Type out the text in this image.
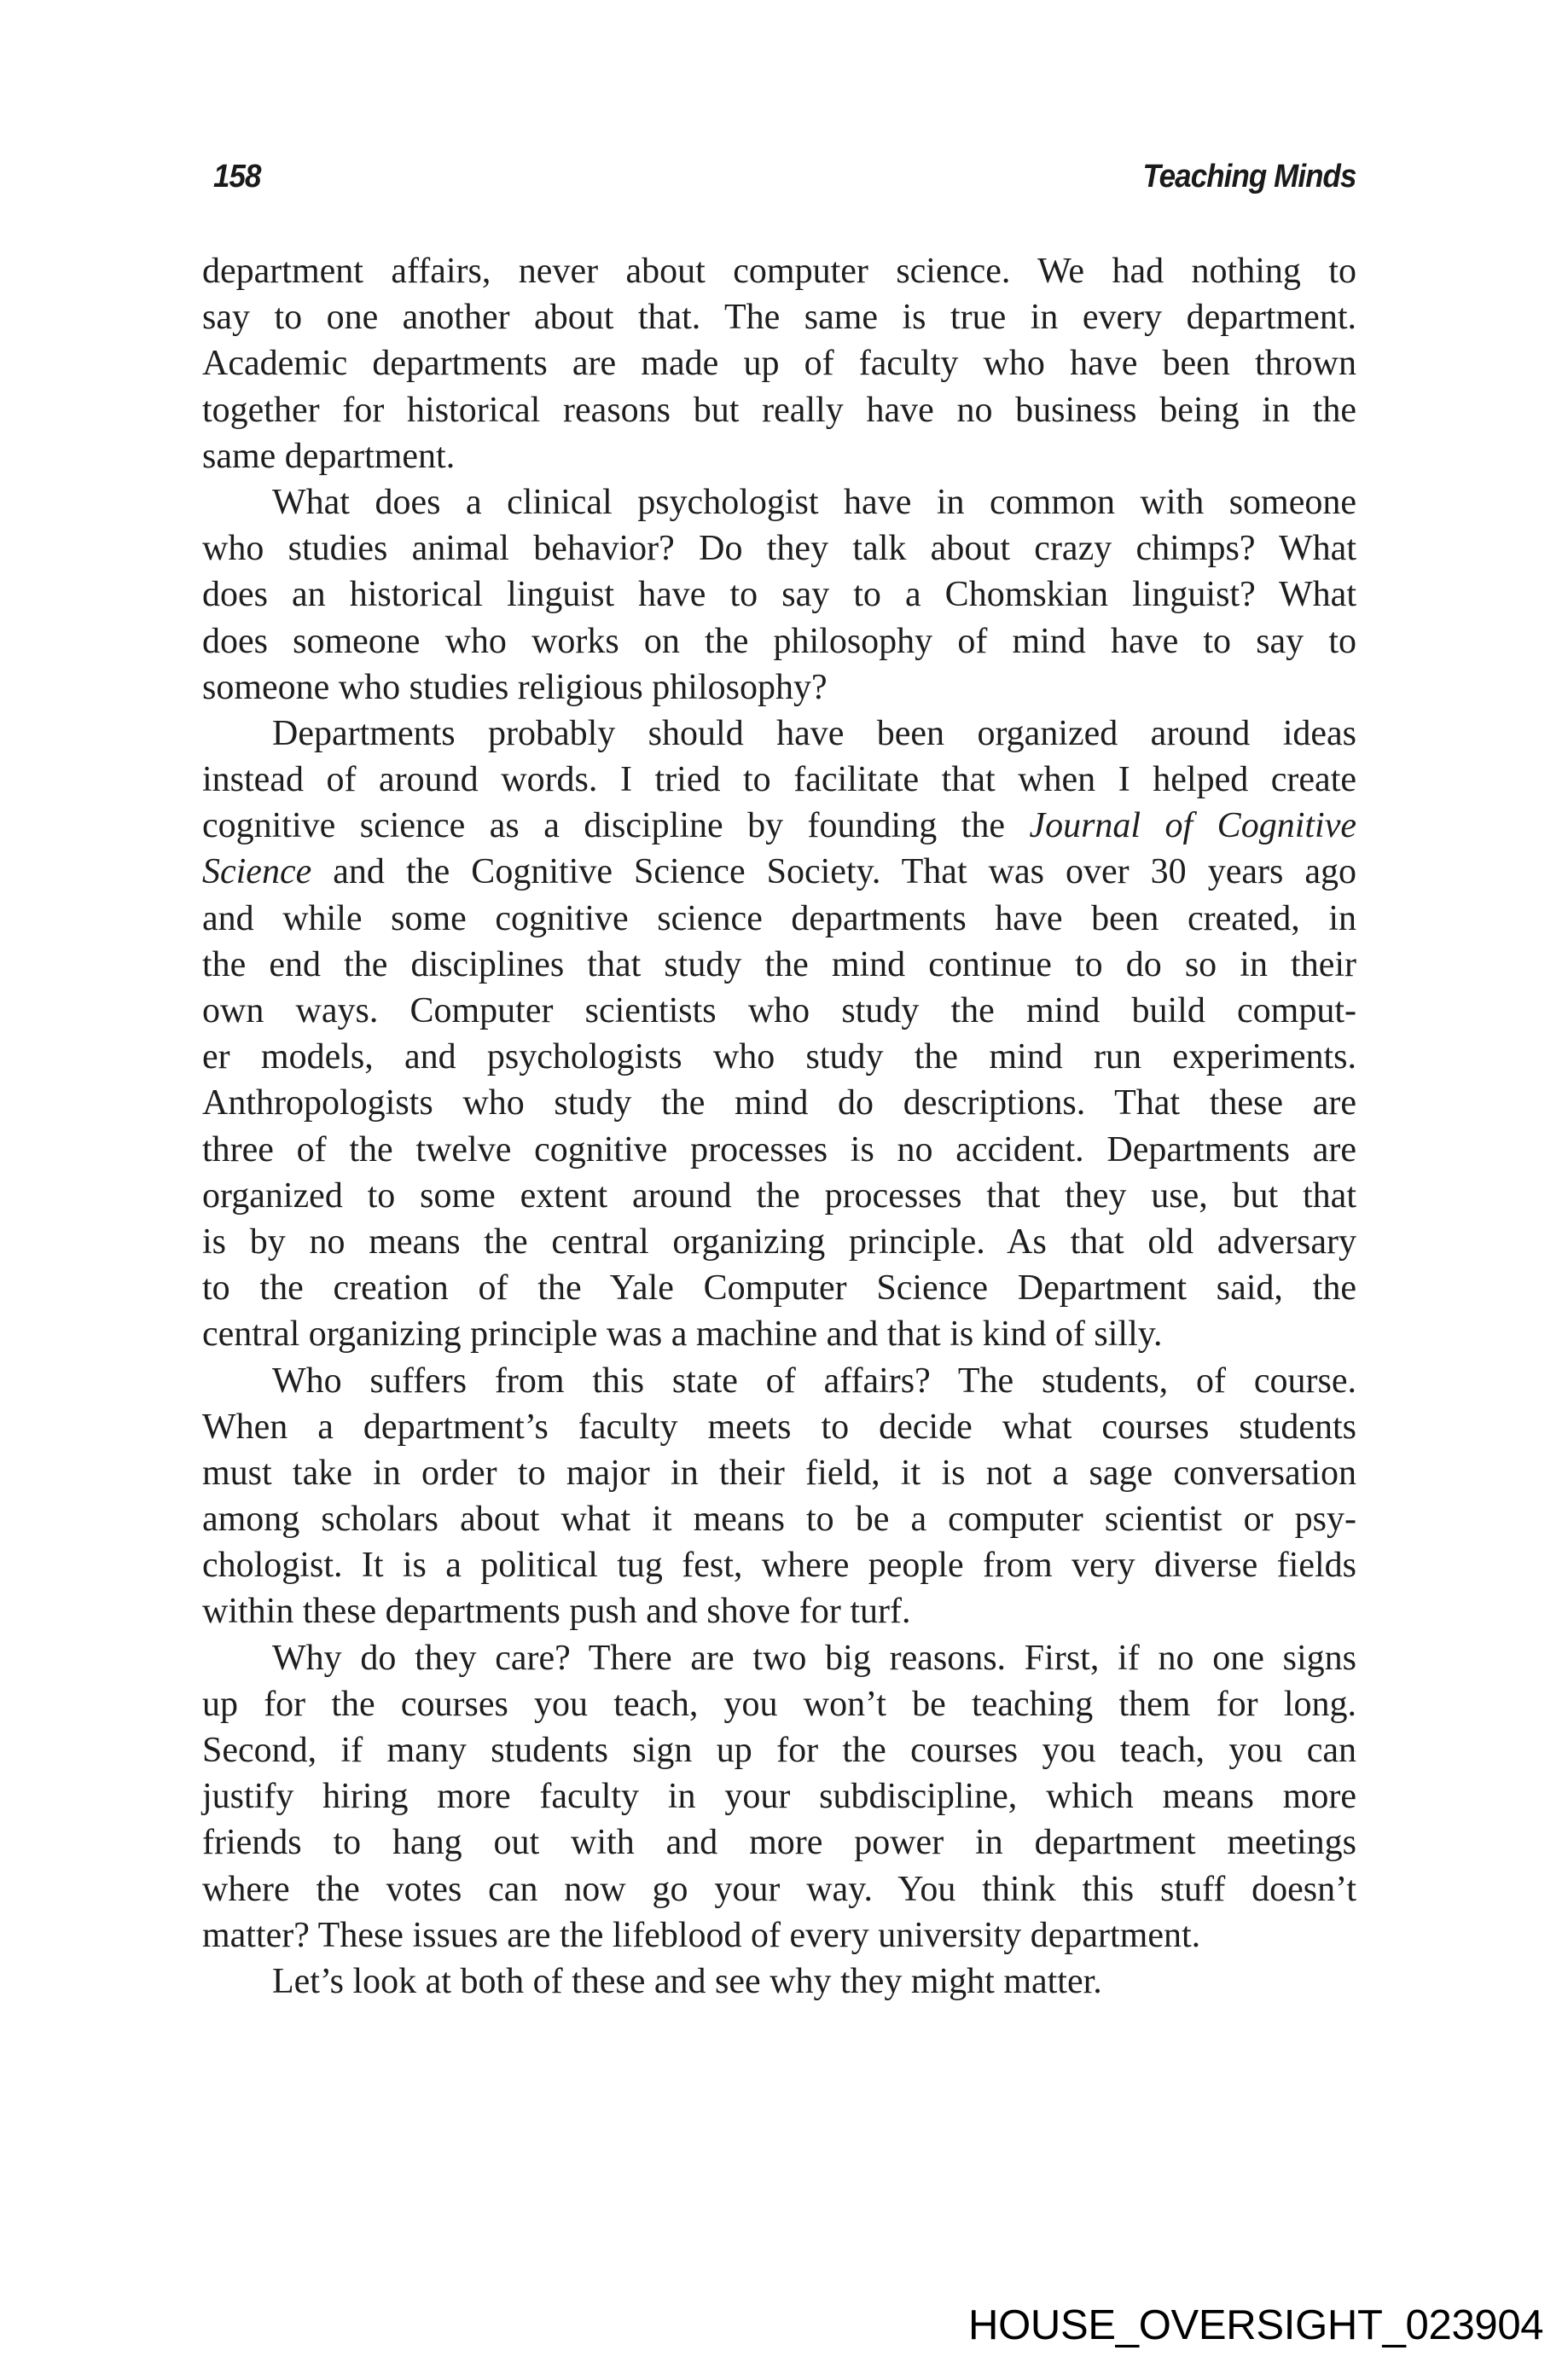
158	Teaching Minds
department affairs, never about computer science. We had nothing to
say to one another about that. The same is true in every department.
Academic departments are made up of faculty who have been thrown
together for historical reasons but really have no business being in the
same department.
What does a clinical psychologist have in common with someone
who studies animal behavior? Do they talk about crazy chimps? What
does an historical linguist have to say to a Chomskian linguist? What
does someone who works on the philosophy of mind have to say to
someone who studies religious philosophy?
Departments probably should have been organized around ideas
instead of around words. I tried to facilitate that when I helped create
cognitive science as a discipline by founding the Journal of Cognitive
Science and the Cognitive Science Society. That was over 30 years ago
and while some cognitive science departments have been created, in
the end the disciplines that study the mind continue to do so in their
own ways. Computer scientists who study the mind build comput-
er models, and psychologists who study the mind run experiments.
Anthropologists who study the mind do descriptions. That these are
three of the twelve cognitive processes is no accident. Departments are
organized to some extent around the processes that they use, but that
is by no means the central organizing principle. As that old adversary
to the creation of the Yale Computer Science Department said, the
central organizing principle was a machine and that is kind of silly.
Who suffers from this state of affairs? The students, of course.
When a department’s faculty meets to decide what courses students
must take in order to major in their field, it is not a sage conversation
among scholars about what it means to be a computer scientist or psy-
chologist. It is a political tug fest, where people from very diverse fields
within these departments push and shove for turf.
Why do they care? There are two big reasons. First, if no one signs
up for the courses you teach, you won’t be teaching them for long.
Second, if many students sign up for the courses you teach, you can
justify hiring more faculty in your subdiscipline, which means more
friends to hang out with and more power in department meetings
where the votes can now go your way. You think this stuff doesn’t
matter? These issues are the lifeblood of every university department.
Let’s look at both of these and see why they might matter.
HOUSE_OVERSIGHT_023904
